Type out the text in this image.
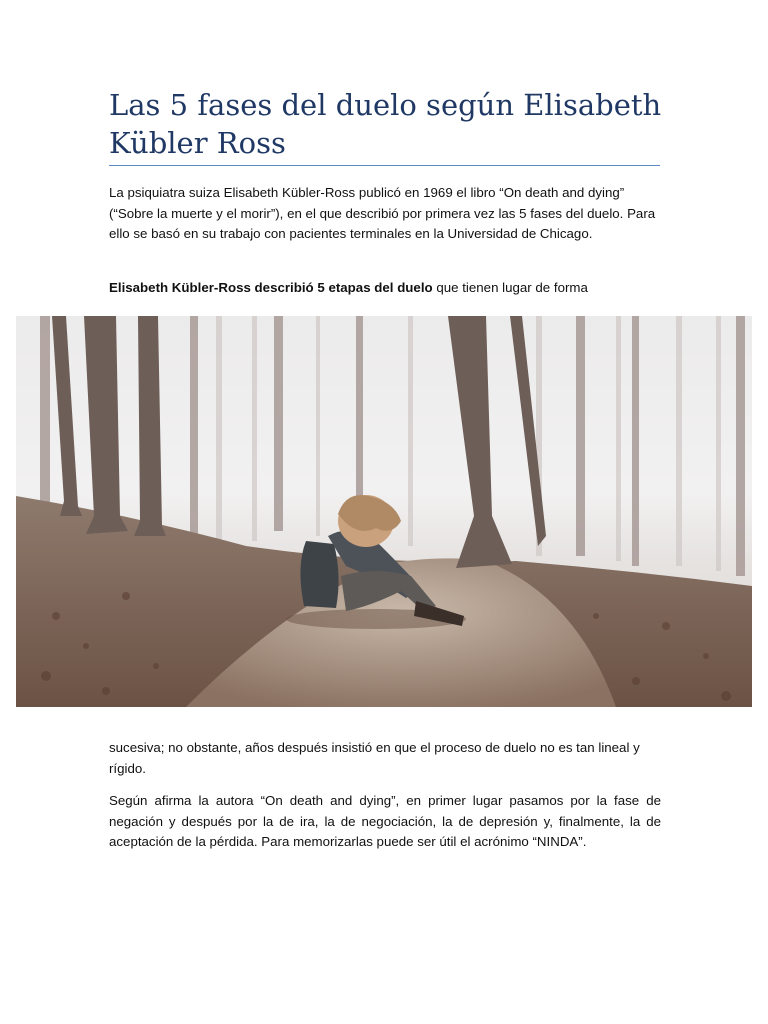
Las 5 fases del duelo según Elisabeth
Kübler Ross

La psiquiatra suiza Elisabeth Kübler-Ross publicó en 1969 el libro “On death and dying” (“Sobre la muerte y el morir”), en el que describió por primera vez las 5 fases del duelo. Para ello se basó en su trabajo con pacientes terminales en la Universidad de Chicago.

Elisabeth Kübler-Ross describió 5 etapas del duelo que tienen lugar de forma

sucesiva; no obstante, años después insistió en que el proceso de duelo no es tan lineal y rígido.

Según afirma la autora “On death and dying”, en primer lugar pasamos por la fase de negación y después por la de ira, la de negociación, la de depresión y, finalmente, la de aceptación de la pérdida. Para memorizarlas puede ser útil el acrónimo “NINDA”.
